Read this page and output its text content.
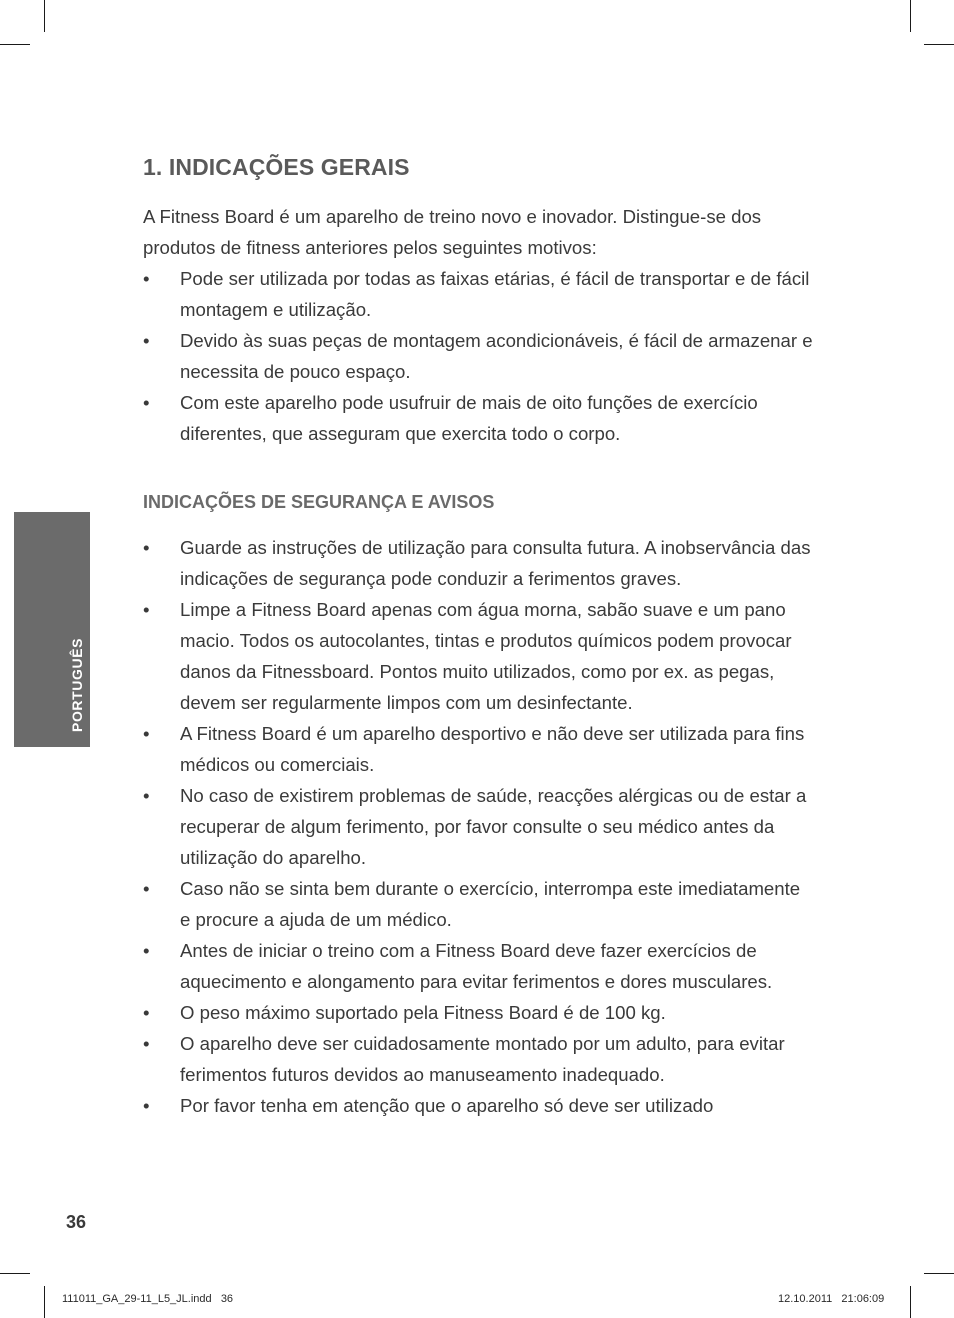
PORTUGUÊS
1. INDICAÇÕES GERAIS

A Fitness Board é um aparelho de treino novo e inovador. Distingue-se dos produtos de fitness anteriores pelos seguintes motivos:

• Pode ser utilizada por todas as faixas etárias, é fácil de transportar e de fácil montagem e utilização.
• Devido às suas peças de montagem acondicionáveis, é fácil de armazenar e necessita de pouco espaço.
• Com este aparelho pode usufruir de mais de oito funções de exercício diferentes, que asseguram que exercita todo o corpo.
INDICAÇÕES DE SEGURANÇA E AVISOS
• Guarde as instruções de utilização para consulta futura. A inobservância das indicações de segurança pode conduzir a ferimentos graves.
• Limpe a Fitness Board apenas com água morna, sabão suave e um pano macio. Todos os autocolantes, tintas e produtos químicos podem provocar danos da Fitnessboard. Pontos muito utilizados, como por ex. as pegas, devem ser regularmente limpos com um desinfectante.
• A Fitness Board é um aparelho desportivo e não deve ser utilizada para fins médicos ou comerciais.
• No caso de existirem problemas de saúde, reacções alérgicas ou de estar a recuperar de algum ferimento, por favor consulte o seu médico antes da utilização do aparelho.
• Caso não se sinta bem durante o exercício, interrompa este imediatamente e procure a ajuda de um médico.
• Antes de iniciar o treino com a Fitness Board deve fazer exercícios de aquecimento e alongamento para evitar ferimentos e dores musculares.
• O peso máximo suportado pela Fitness Board é de 100 kg.
• O aparelho deve ser cuidadosamente montado por um adulto, para evitar ferimentos futuros devidos ao manuseamento inadequado.
• Por favor tenha em atenção que o aparelho só deve ser utilizado
36
111011_GA_29-11_L5_JL.indd   36	12.10.2011   21:06:09
